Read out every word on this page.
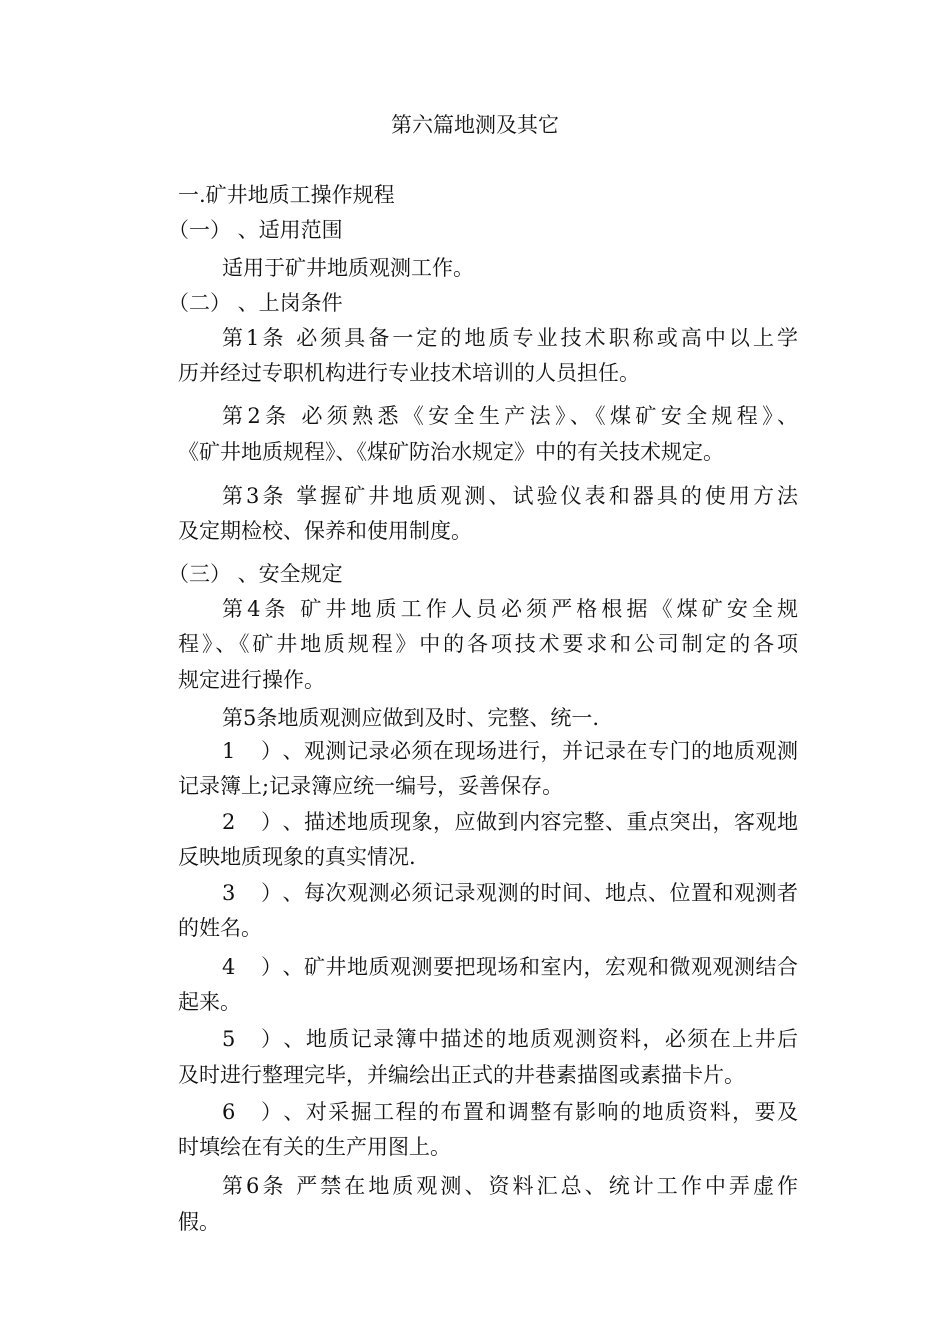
第六篇地测及其它
一.矿井地质工操作规程
（一） 、适用范围
适用于矿井地质观测工作。
（二） 、上岗条件
第1条 必须具备一定的地质专业技术职称或高中以上学
历并经过专职机构进行专业技术培训的人员担任。
第2条 必须熟悉《安全生产法》、《煤矿安全规程》、
《矿井地质规程》、《煤矿防治水规定》中的有关技术规定。
第3条 掌握矿井地质观测、试验仪表和器具的使用方法
及定期检校、保养和使用制度。
（三） 、安全规定
第4条 矿井地质工作人员必须严格根据《煤矿安全规
程》、《矿井地质规程》中的各项技术要求和公司制定的各项
规定进行操作。
第5条地质观测应做到及时、完整、统一.
1）、观测记录必须在现场进行，并记录在专门的地质观测
记录簿上;记录簿应统一编号，妥善保存。
2）、描述地质现象，应做到内容完整、重点突出，客观地
反映地质现象的真实情况.
3）、每次观测必须记录观测的时间、地点、位置和观测者
的姓名。
4）、矿井地质观测要把现场和室内，宏观和微观观测结合
起来。
5）、地质记录簿中描述的地质观测资料，必须在上井后
及时进行整理完毕，并编绘出正式的井巷素描图或素描卡片。
6）、对采掘工程的布置和调整有影响的地质资料，要及
时填绘在有关的生产用图上。
第6条 严禁在地质观测、资料汇总、统计工作中弄虚作
假。
